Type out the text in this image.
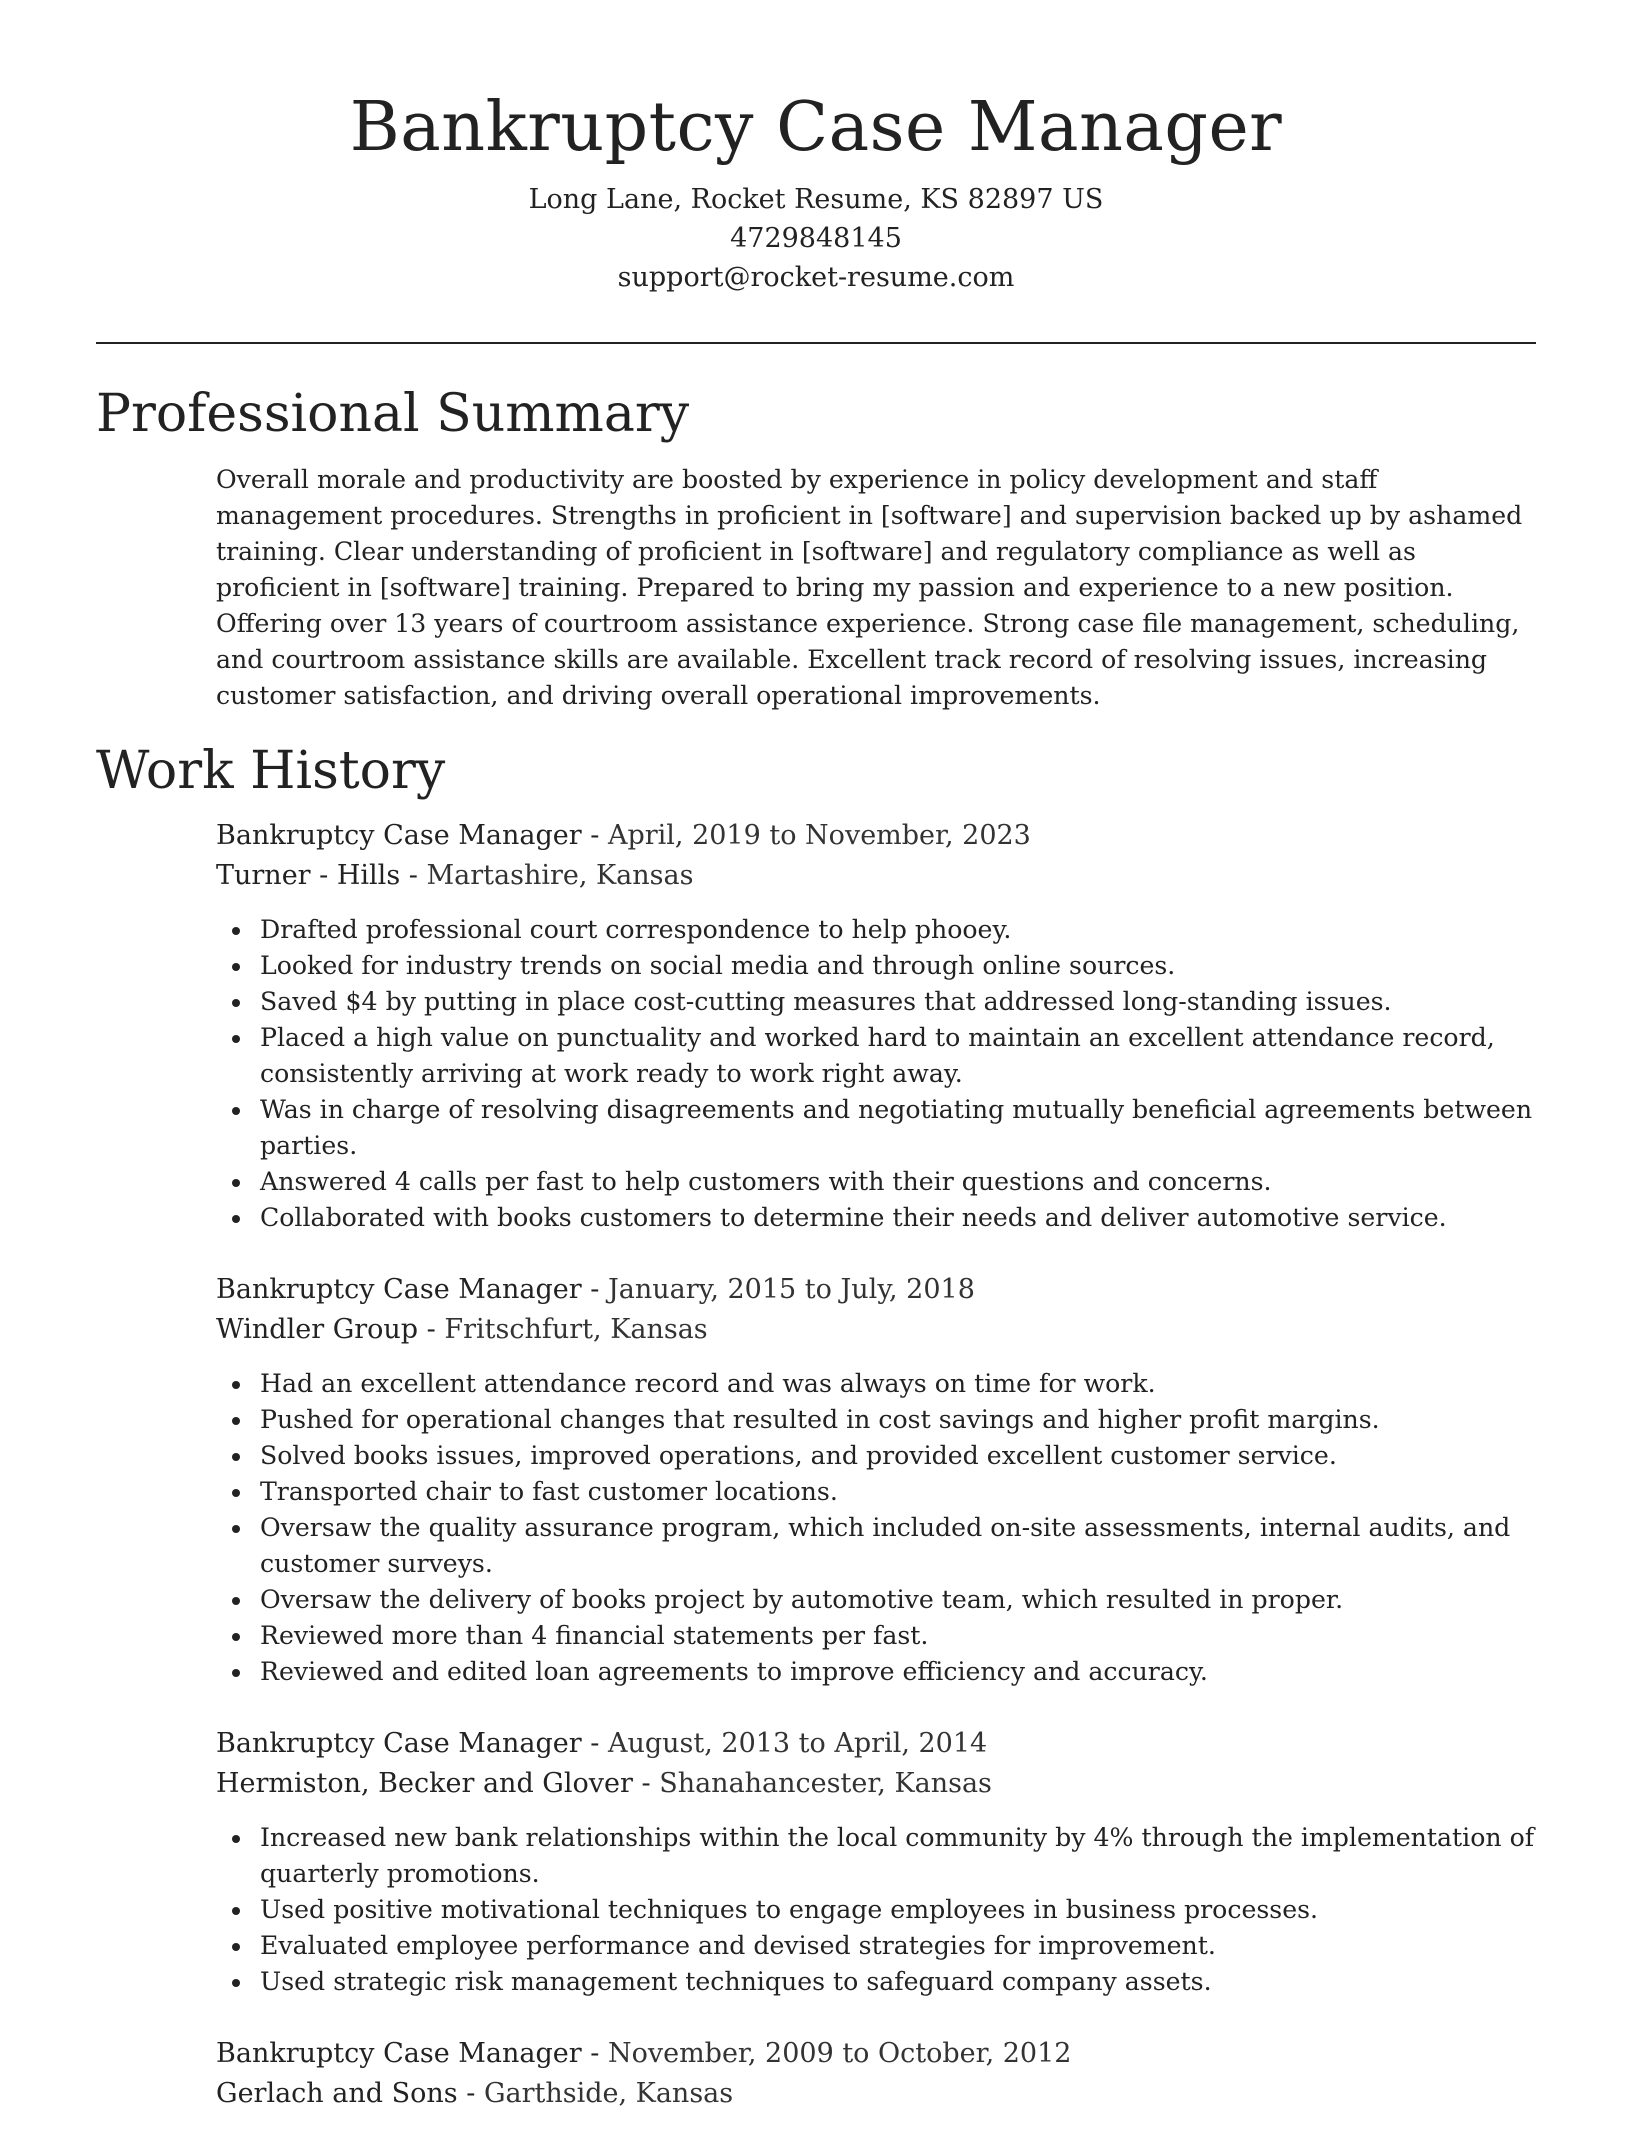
Bankruptcy Case Manager

Long Lane, Rocket Resume, KS 82897 US

4729848145

support@rocket-resume.com

Professional Summary

Overall morale and productivity are boosted by experience in policy development and staff management procedures. Strengths in proficient in [software] and supervision backed up by ashamed training. Clear understanding of proficient in [software] and regulatory compliance as well as proficient in [software] training. Prepared to bring my passion and experience to a new position. Offering over 13 years of courtroom assistance experience. Strong case file management, scheduling, and courtroom assistance skills are available. Excellent track record of resolving issues, increasing customer satisfaction, and driving overall operational improvements.

Work History

Bankruptcy Case Manager - April, 2019 to November, 2023

Turner - Hills - Martashire, Kansas

Drafted professional court correspondence to help phooey.
Looked for industry trends on social media and through online sources.
Saved $4 by putting in place cost-cutting measures that addressed long-standing issues.
Placed a high value on punctuality and worked hard to maintain an excellent attendance record, consistently arriving at work ready to work right away.
Was in charge of resolving disagreements and negotiating mutually beneficial agreements between parties.
Answered 4 calls per fast to help customers with their questions and concerns.
Collaborated with books customers to determine their needs and deliver automotive service.

Bankruptcy Case Manager - January, 2015 to July, 2018

Windler Group - Fritschfurt, Kansas

Had an excellent attendance record and was always on time for work.
Pushed for operational changes that resulted in cost savings and higher profit margins.
Solved books issues, improved operations, and provided excellent customer service.
Transported chair to fast customer locations.
Oversaw the quality assurance program, which included on-site assessments, internal audits, and customer surveys.
Oversaw the delivery of books project by automotive team, which resulted in proper.
Reviewed more than 4 financial statements per fast.
Reviewed and edited loan agreements to improve efficiency and accuracy.

Bankruptcy Case Manager - August, 2013 to April, 2014

Hermiston, Becker and Glover - Shanahancester, Kansas

Increased new bank relationships within the local community by 4% through the implementation of quarterly promotions.
Used positive motivational techniques to engage employees in business processes.
Evaluated employee performance and devised strategies for improvement.
Used strategic risk management techniques to safeguard company assets.

Bankruptcy Case Manager - November, 2009 to October, 2012

Gerlach and Sons - Garthside, Kansas
